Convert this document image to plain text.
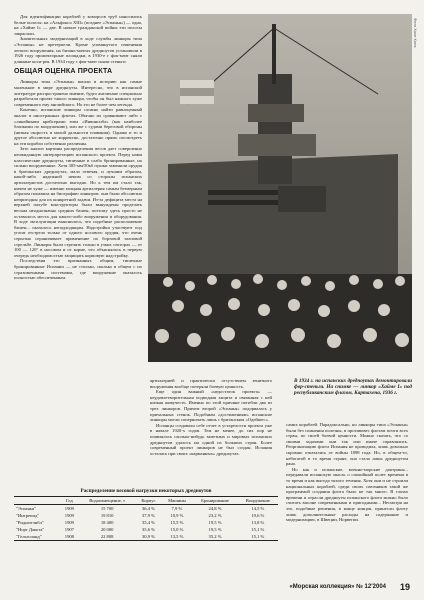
Для идентификации кораблей у коморсов труб наносились белые полосы: на «Альфонсо XIII» (позднее «Эспанья») — одна, на «Хайме I» — две. В начале гражданской войны эти полосы закрасили.

Значительных модернизаций в ходе службы линкоры типа «Эспанья» не претерпели. Кроме упомянутого изменения легкого вооружения, на бизань-мачтах дредноутов установили в 1926 году прожекторные площадки, в 1930-е г фок-мачт сняли длинные коси-рея. В 1934 году с фок-мачт сняли стеньги.

ОБЩАЯ ОЦЕНКА ПРОЕКТА

Линкоры типа «Эспанья» вошли в историю как самые маленькие в мире дредноуты. Интересно, что в испанской литературе распространено мнение, будто англичане специально разработали проект такого линкора, чтобы он был намного хуже современного ему английского. Но это не более чем легенда.

Конечно, испанские линкоры сложно найти равноценный аналог в иностранных флотах. Обычно их сравнивают либо с «линейными крейсерами типа «Инвинсибл» (как наиболее близкими по вооружению), или же с судами береговой обороны (низкая скорость и малой дальности плавания). Однако и то и другое абсолютно не корректно, достаточно прямо посмотреть на эти корабли собственно различны.

Зато анализ картины распределения весов дает совершенно неожиданную интерпретацию испанского проекта. Перед нами классические дредноуты, типичные и слабо бронированные, но сильно вооруженные. Хотя 305-мм/50кб пушки заменили орудия в британских дредноутах, мало отвечая, и лучшим образом, какой-либо надежной неким со стороны испанских артиллеристов достаточно выгодно. Но к тем им стало так, ничем не хуже — именно мощная артиллерия самым безмерным образом попавила на биографию линкоров: они были абсолютно непригодны для их конкретной задачи. Из-за дефицита места на верхней палубе конструкторы были вынуждены проделать весьма неоднозначно средних башен, поэтому здесь просто не оставалось места для какого-либо вооружения и оборудования. В ходе эксплуатации выяснилось, что подобные расположение башен... оказалось неподходящим. Надстройки участвуют под углом отстрела только от одного носового орудия, что очень серьезно ограничивает применение по бортовой залповой стрельбе. Линкоры были стрелять только в узких секторах — от 100 — 120° в носовом и от корме, что объяснялось в первую очередь необходимостью защищать кормовую надстройку.

Последствия это признанных общим, типичные бронированные Испании — не столько, сколько в общем с их страховочными системами, где вооружение оказалось полностью обеспеченным.

Фото Хосе Кола

артиллерией и практически отсутствием зенитного вооружения вообще потеряли боевую ценность.

Еще один важный «недостаток проекта» — неудовлетворительная подводная защита и связанная с ней низкая живучесть. Именно по этой причине погибли два из трех линкоров. Причем второй «Эспанья» подорвалась у причальных стенок. Подобным «достижениям» испанские линкоры могли соперничать лишь с британским «Одейшес».

Испанцы создавали себе отчет в устарелости проекта уже в начале 1920-х годов. Тем не менее, до сих пор не появлялось сколько-нибудь заметных и мировых испанских дредноутов удалось ни одной из больших стран. Более современный проект линкоров не был создан. Испания осталась при своих «карманных» дредноутах.

В 1934 г. на испанских дредноутах демонтировали фор-стеньги. На снимке — линкор «Хайме I» под республиканским флагом, Картахена, 1936 г.

самих кораблей. Парадоксально, но линкоры типа «Эспанья» были без сомнения полезны, в противовес флотам почти всех стран, по своей боевой ценности. Можно сказать, что со своими задачами они так или иначе справлялись. Реорганизацию флота Испания не проводила, лишь довольно скромно отказались от войны 1898 года. Но, в общем-то, небогатой в то время стране, она стала лишь дредноутом рано.

Но как и испанские, военно-морские доктрины... передавали испанскую мысль о спокойный полет времени в то время и как выгода тихого течения. Хотя они и не строили национальных кораблей, среди своих союзников такой же программой создания флота было не так много. В глазах времени и отрасли дредноуты испанского флота можно было считать вполне современными и пригодными... Несмотря на это, подобные решения, в конце концов, принесли флоту лишь дополнительные расходы на содержание и модернизацию, в Швеции, Норвегии.

Распределение весовой нагрузки некоторых дредноутов

	Год	Водоизмещение, т	Корпус	Машины	Бронирование	Вооружение
"Эспанья"	1909	15 700	36,4 %	7,9 %	24,8 %	14,5 %
"Интрепид"	1909	19 810	37,9 %	10,9 %	23,2 %	19,6 %
"Ридьютэнбл"	1909	18 400	35,4 %	15,5 %	19,5 %	13,8 %
"Норт Дакота"	1907	20 000	35,6 %	15,0 %	19,5 %	15,1 %
"Гельголанд"	1908	22 808	30,9 %	13,5 %	35,2 %	15,1 %
«Морская коллекция» № 12'2004 19
